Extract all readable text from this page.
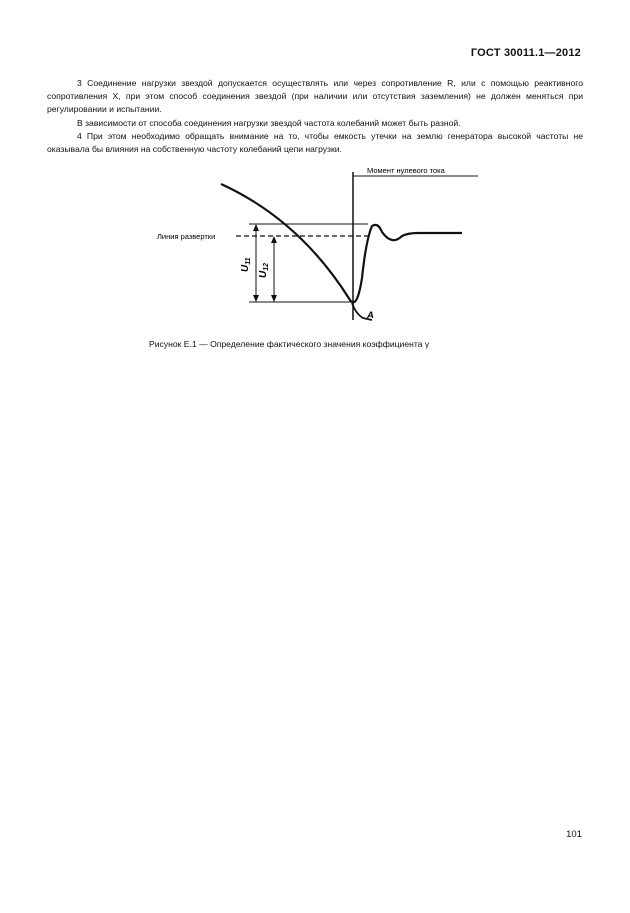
ГОСТ 30011.1—2012

3 Соединение нагрузки звездой допускается осуществлять или через сопротивление R, или с помощью реактивного сопротивления X, при этом способ соединения звездой (при наличии или отсутствия заземления) не должен меняться при регулировании и испытании.

В зависимости от способа соединения нагрузки звездой частота колебаний может быть разной.

4 При этом необходимо обращать внимание на то, чтобы емкость утечки на землю генератора высокой частоты не оказывала бы влияния на собственную частоту колебаний цепи нагрузки.

Момент нулевого тока
Линия развертки
$U_{11}$
$U_{12}$
A
Рисунок Е.1 — Определение фактического значения коэффициента γ
101
